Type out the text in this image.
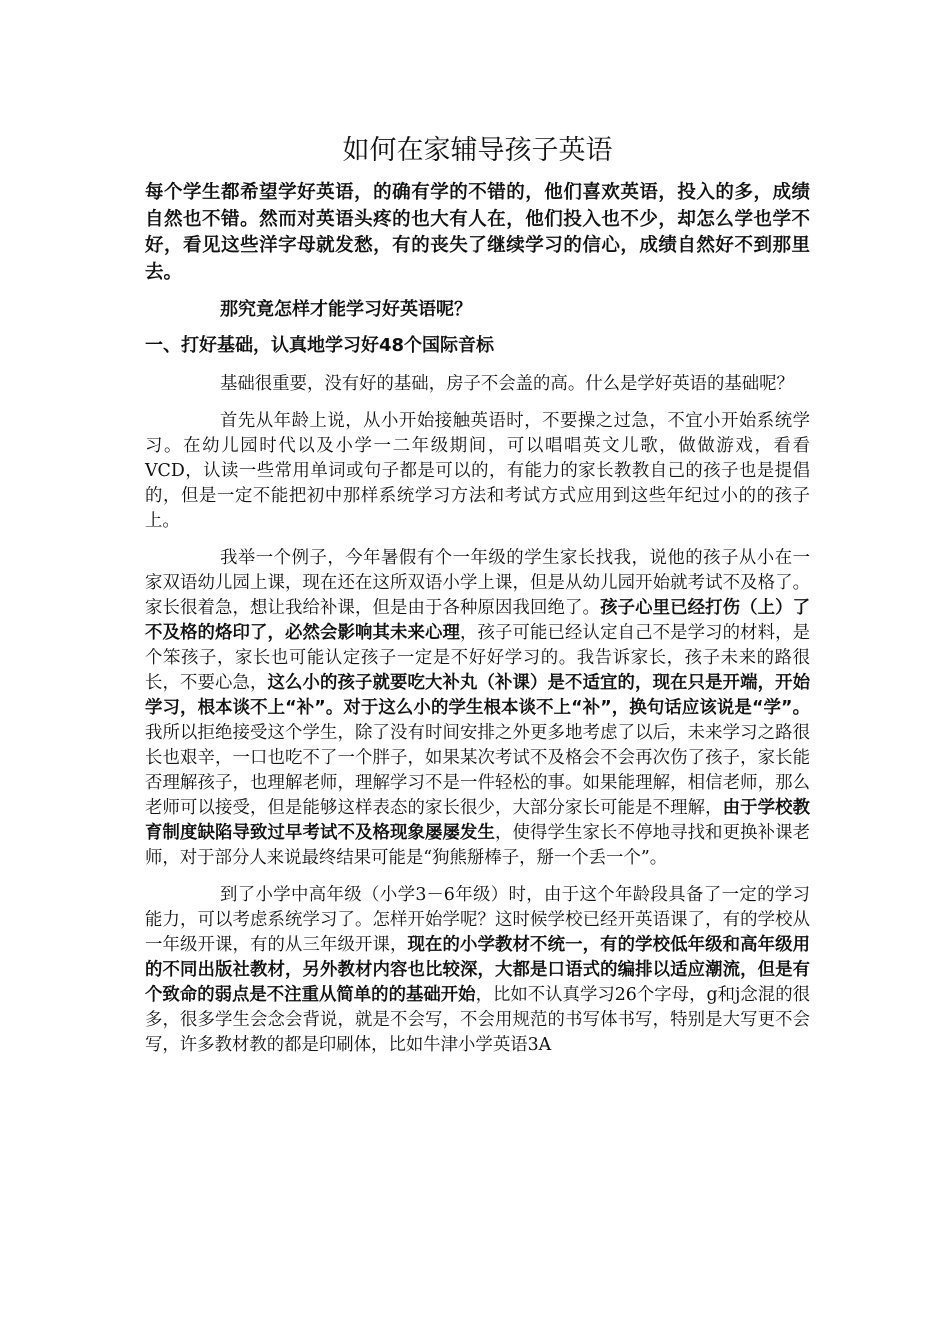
如何在家辅导孩子英语

每个学生都希望学好英语，的确有学的不错的，他们喜欢英语，投入的多，成绩自然也不错。然而对英语头疼的也大有人在，他们投入也不少，却怎么学也学不好，看见这些洋字母就发愁，有的丧失了继续学习的信心，成绩自然好不到那里去。

那究竟怎样才能学习好英语呢？

一、打好基础，认真地学习好48个国际音标

基础很重要，没有好的基础，房子不会盖的高。什么是学好英语的基础呢？

首先从年龄上说，从小开始接触英语时，不要操之过急，不宜小开始系统学习。在幼儿园时代以及小学一二年级期间，可以唱唱英文儿歌，做做游戏，看看VCD，认读一些常用单词或句子都是可以的，有能力的家长教教自己的孩子也是提倡的，但是一定不能把初中那样系统学习方法和考试方式应用到这些年纪过小的的孩子上。

我举一个例子，今年暑假有个一年级的学生家长找我，说他的孩子从小在一家双语幼儿园上课，现在还在这所双语小学上课，但是从幼儿园开始就考试不及格了。家长很着急，想让我给补课，但是由于各种原因我回绝了。孩子心里已经打伤（上）了不及格的烙印了，必然会影响其未来心理，孩子可能已经认定自己不是学习的材料，是个笨孩子，家长也可能认定孩子一定是不好好学习的。我告诉家长，孩子未来的路很长，不要心急，这么小的孩子就要吃大补丸（补课）是不适宜的，现在只是开端，开始学习，根本谈不上“补”。对于这么小的学生根本谈不上“补”，换句话应该说是“学”。我所以拒绝接受这个学生，除了没有时间安排之外更多地考虑了以后，未来学习之路很长也艰辛，一口也吃不了一个胖子，如果某次考试不及格会不会再次伤了孩子，家长能否理解孩子，也理解老师，理解学习不是一件轻松的事。如果能理解，相信老师，那么老师可以接受，但是能够这样表态的家长很少，大部分家长可能是不理解，由于学校教育制度缺陷导致过早考试不及格现象屡屡发生，使得学生家长不停地寻找和更换补课老师，对于部分人来说最终结果可能是“狗熊掰棒子，掰一个丢一个”。

到了小学中高年级（小学3－6年级）时，由于这个年龄段具备了一定的学习能力，可以考虑系统学习了。怎样开始学呢？这时候学校已经开英语课了，有的学校从一年级开课，有的从三年级开课，现在的小学教材不统一，有的学校低年级和高年级用的不同出版社教材，另外教材内容也比较深，大都是口语式的编排以适应潮流，但是有个致命的弱点是不注重从简单的的基础开始，比如不认真学习26个字母，g和j念混的很多，很多学生会念会背说，就是不会写，不会用规范的书写体书写，特别是大写更不会写，许多教材教的都是印刷体，比如牛津小学英语3A
